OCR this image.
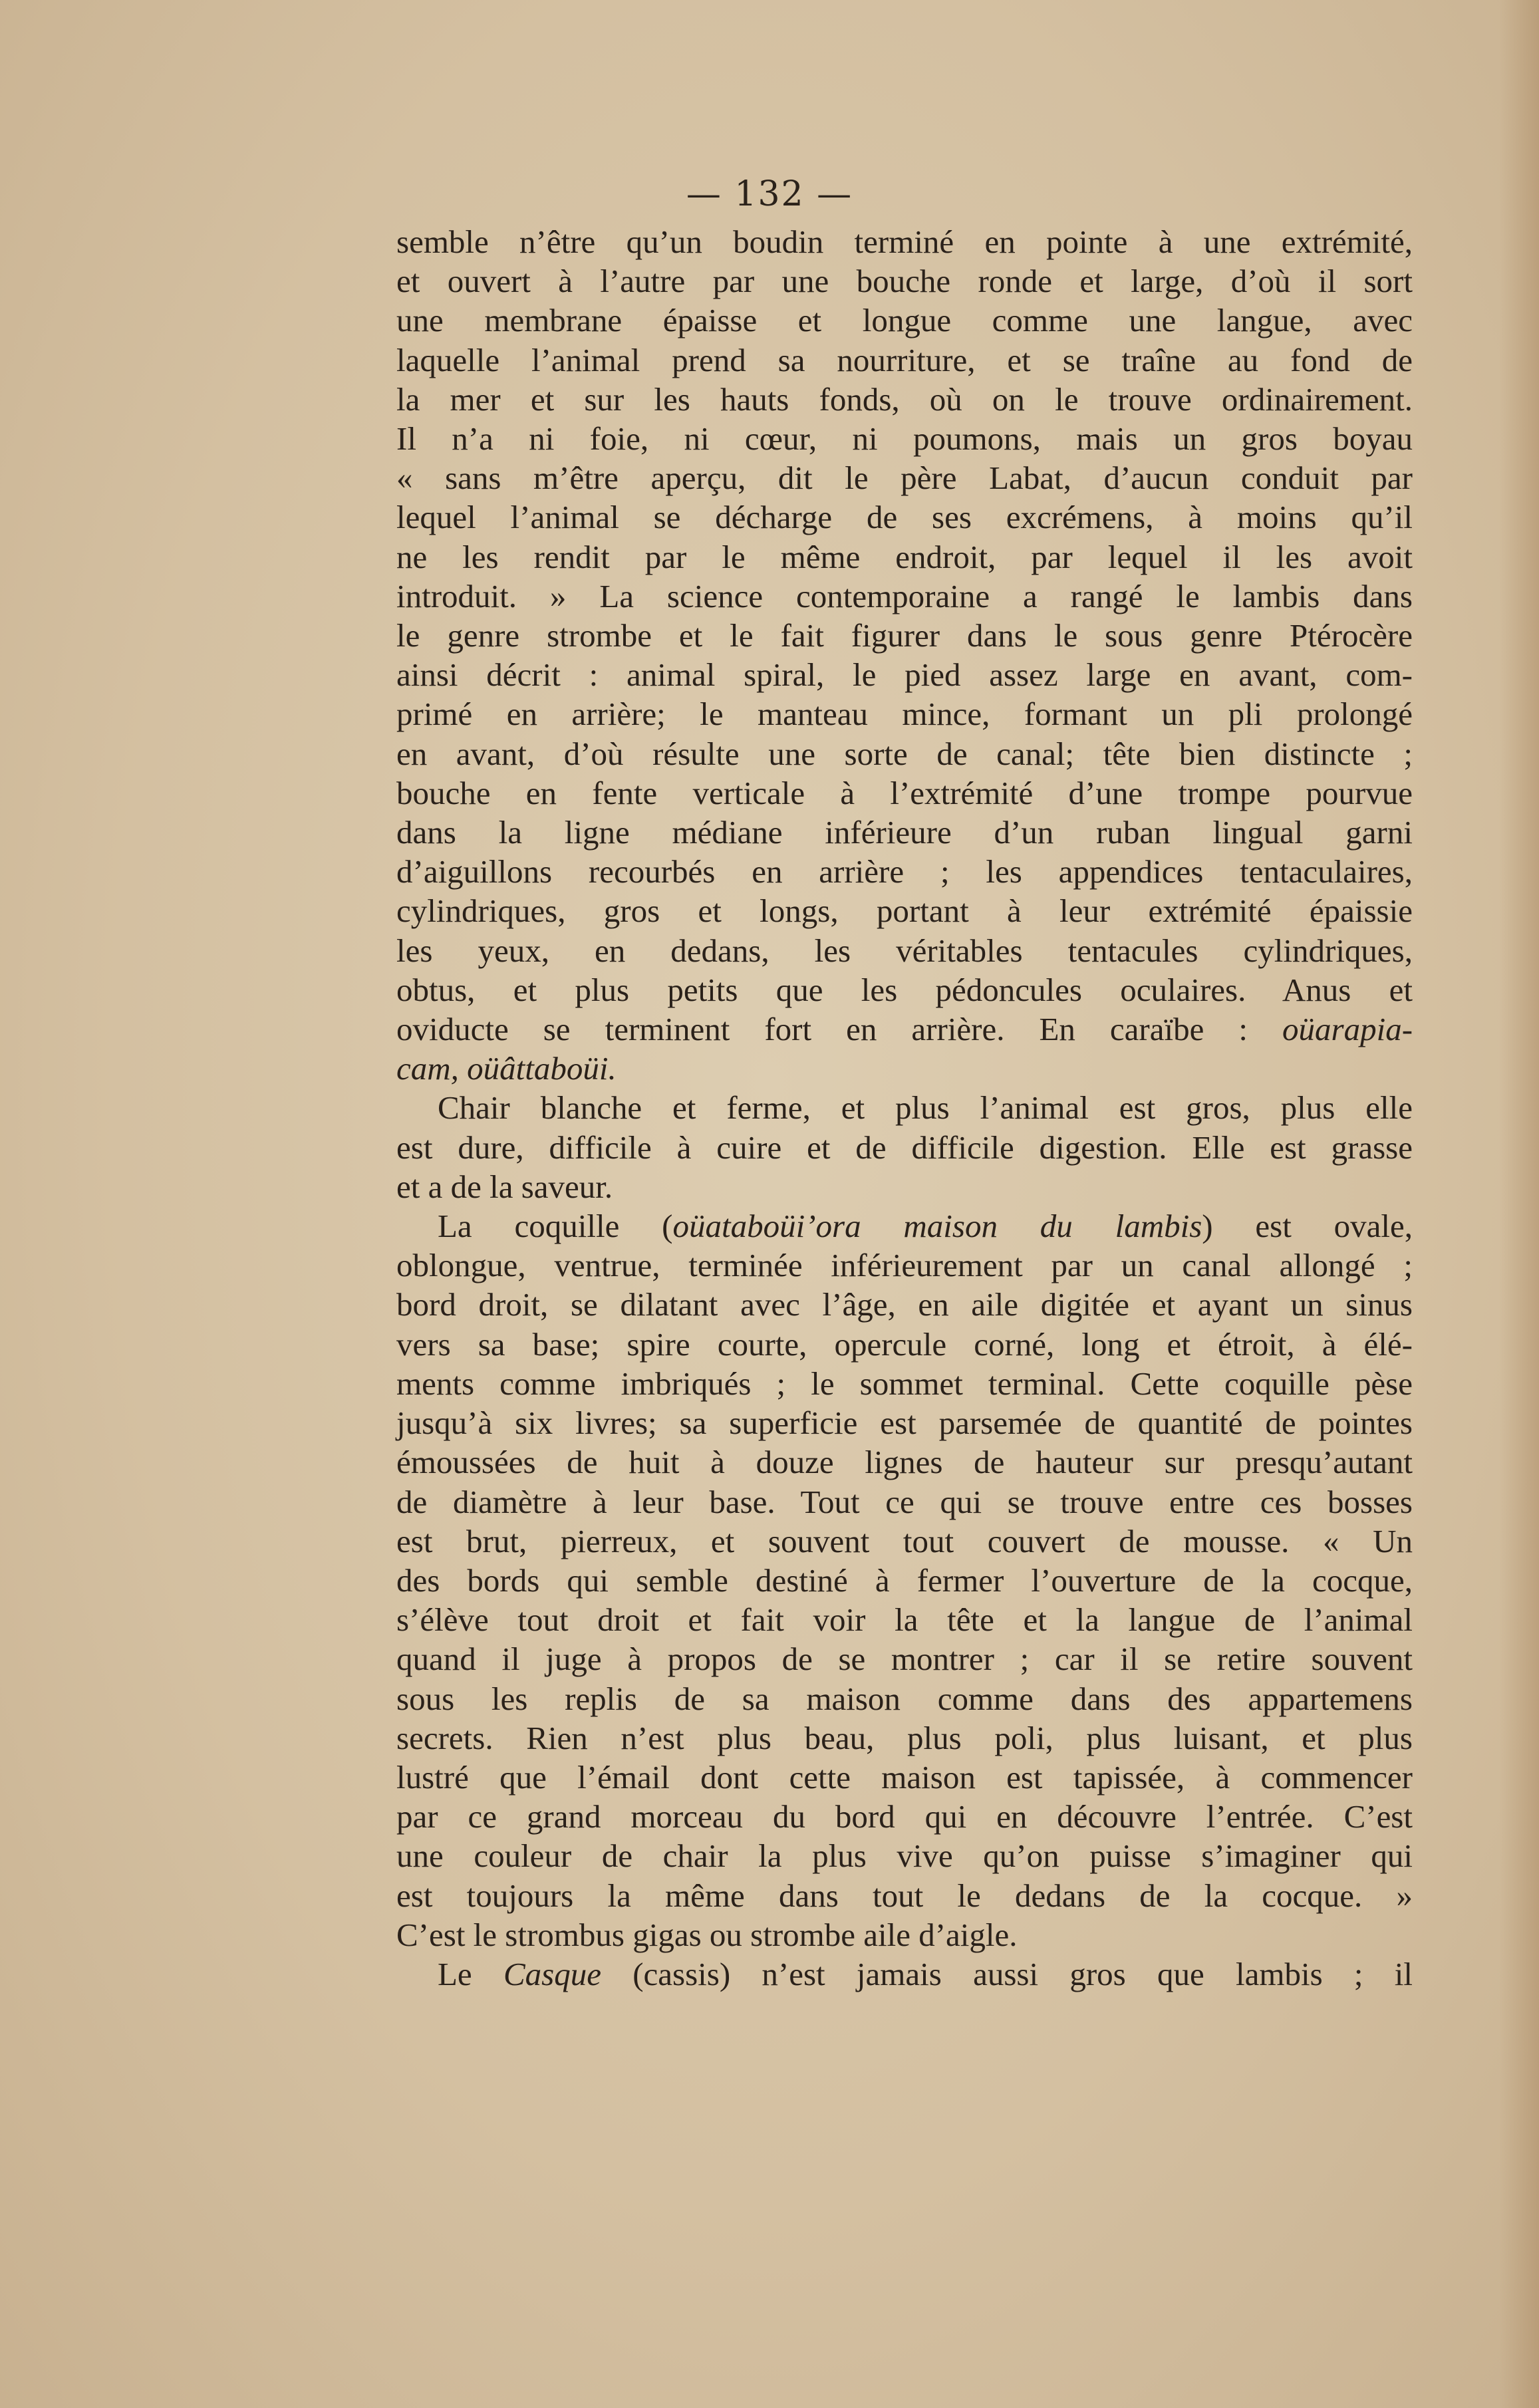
— 132 —
semble n’être qu’un boudin terminé en pointe à une extrémité,
et ouvert à l’autre par une bouche ronde et large, d’où il sort
une membrane épaisse et longue comme une langue, avec
laquelle l’animal prend sa nourriture, et se traîne au fond de
la mer et sur les hauts fonds, où on le trouve ordinairement.
Il n’a ni foie, ni cœur, ni poumons, mais un gros boyau
« sans m’être aperçu, dit le père Labat, d’aucun conduit par
lequel l’animal se décharge de ses excrémens, à moins qu’il
ne les rendit par le même endroit, par lequel il les avoit
introduit. » La science contemporaine a rangé le lambis dans
le genre strombe et le fait figurer dans le sous genre Ptérocère
ainsi décrit : animal spiral, le pied assez large en avant, com-
primé en arrière; le manteau mince, formant un pli prolongé
en avant, d’où résulte une sorte de canal; tête bien distincte ;
bouche en fente verticale à l’extrémité d’une trompe pourvue
dans la ligne médiane inférieure d’un ruban lingual garni
d’aiguillons recourbés en arrière ; les appendices tentaculaires,
cylindriques, gros et longs, portant à leur extrémité épaissie
les yeux, en dedans, les véritables tentacules cylindriques,
obtus, et plus petits que les pédoncules oculaires. Anus et
oviducte se terminent fort en arrière. En caraïbe : oüarapia-
cam, oüâttaboüi.
Chair blanche et ferme, et plus l’animal est gros, plus elle
est dure, difficile à cuire et de difficile digestion. Elle est grasse
et a de la saveur.
La coquille (oüataboüi’ora maison du lambis) est ovale,
oblongue, ventrue, terminée inférieurement par un canal allongé ;
bord droit, se dilatant avec l’âge, en aile digitée et ayant un sinus
vers sa base; spire courte, opercule corné, long et étroit, à élé-
ments comme imbriqués ; le sommet terminal. Cette coquille pèse
jusqu’à six livres; sa superficie est parsemée de quantité de pointes
émoussées de huit à douze lignes de hauteur sur presqu’autant
de diamètre à leur base. Tout ce qui se trouve entre ces bosses
est brut, pierreux, et souvent tout couvert de mousse. « Un
des bords qui semble destiné à fermer l’ouverture de la cocque,
s’élève tout droit et fait voir la tête et la langue de l’animal
quand il juge à propos de se montrer ; car il se retire souvent
sous les replis de sa maison comme dans des appartemens
secrets. Rien n’est plus beau, plus poli, plus luisant, et plus
lustré que l’émail dont cette maison est tapissée, à commencer
par ce grand morceau du bord qui en découvre l’entrée. C’est
une couleur de chair la plus vive qu’on puisse s’imaginer qui
est toujours la même dans tout le dedans de la cocque. »
C’est le strombus gigas ou strombe aile d’aigle.
Le Casque (cassis) n’est jamais aussi gros que lambis ; il
